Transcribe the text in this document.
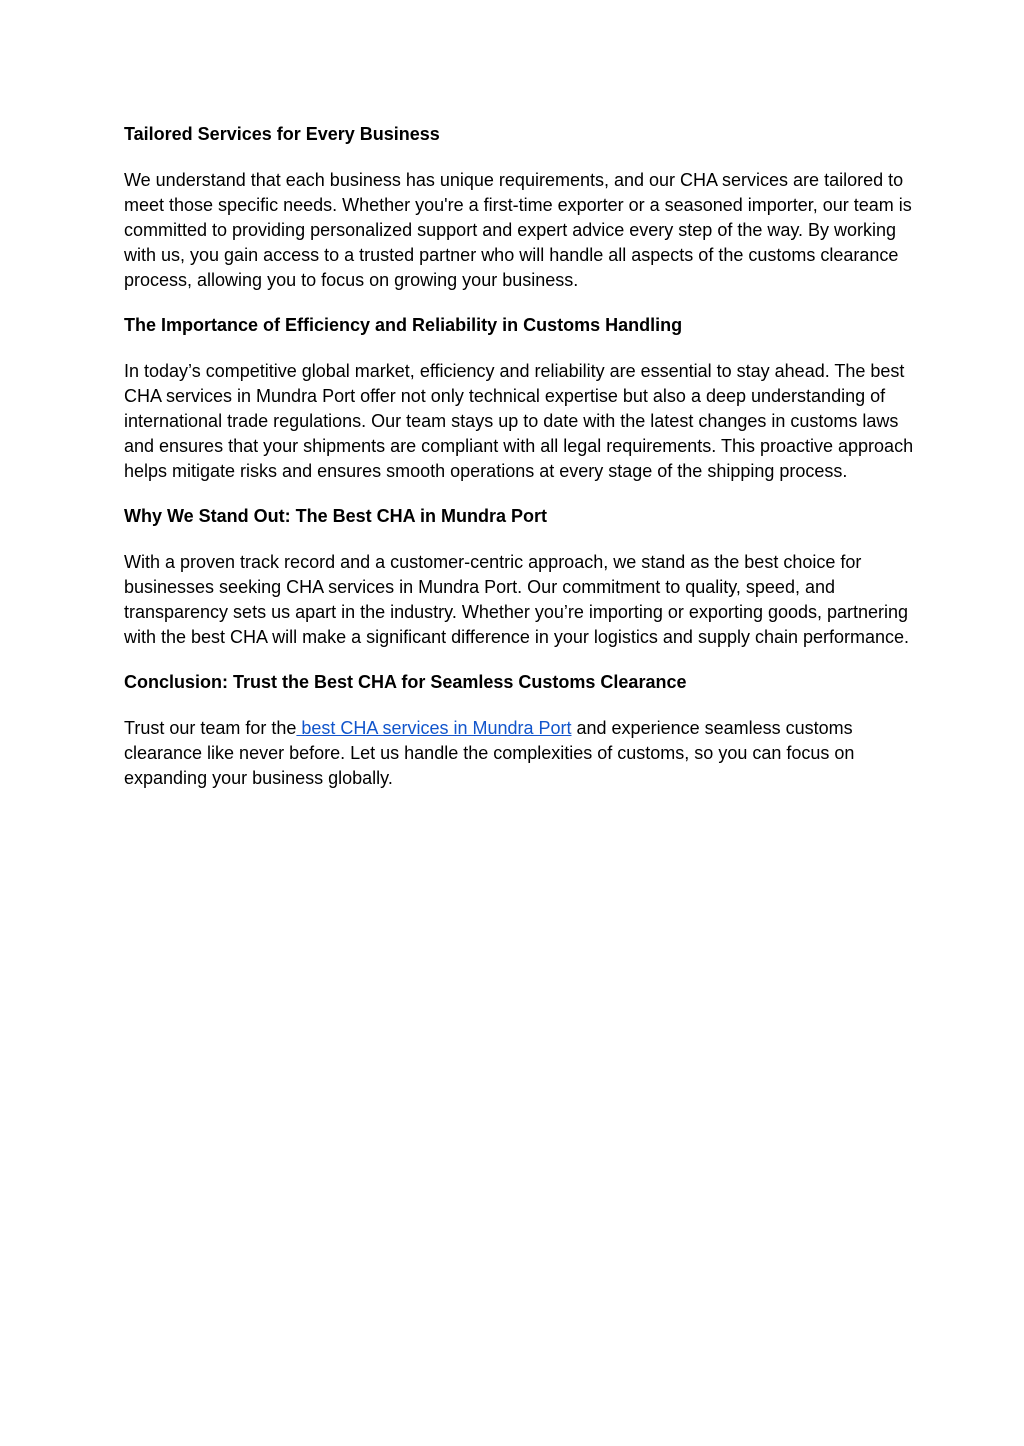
Tailored Services for Every Business

We understand that each business has unique requirements, and our CHA services are tailored to meet those specific needs. Whether you're a first-time exporter or a seasoned importer, our team is committed to providing personalized support and expert advice every step of the way. By working with us, you gain access to a trusted partner who will handle all aspects of the customs clearance process, allowing you to focus on growing your business.

The Importance of Efficiency and Reliability in Customs Handling

In today’s competitive global market, efficiency and reliability are essential to stay ahead. The best CHA services in Mundra Port offer not only technical expertise but also a deep understanding of international trade regulations. Our team stays up to date with the latest changes in customs laws and ensures that your shipments are compliant with all legal requirements. This proactive approach helps mitigate risks and ensures smooth operations at every stage of the shipping process.

Why We Stand Out: The Best CHA in Mundra Port

With a proven track record and a customer-centric approach, we stand as the best choice for businesses seeking CHA services in Mundra Port. Our commitment to quality, speed, and transparency sets us apart in the industry. Whether you’re importing or exporting goods, partnering with the best CHA will make a significant difference in your logistics and supply chain performance.

Conclusion: Trust the Best CHA for Seamless Customs Clearance

Trust our team for the best CHA services in Mundra Port and experience seamless customs clearance like never before. Let us handle the complexities of customs, so you can focus on expanding your business globally.
